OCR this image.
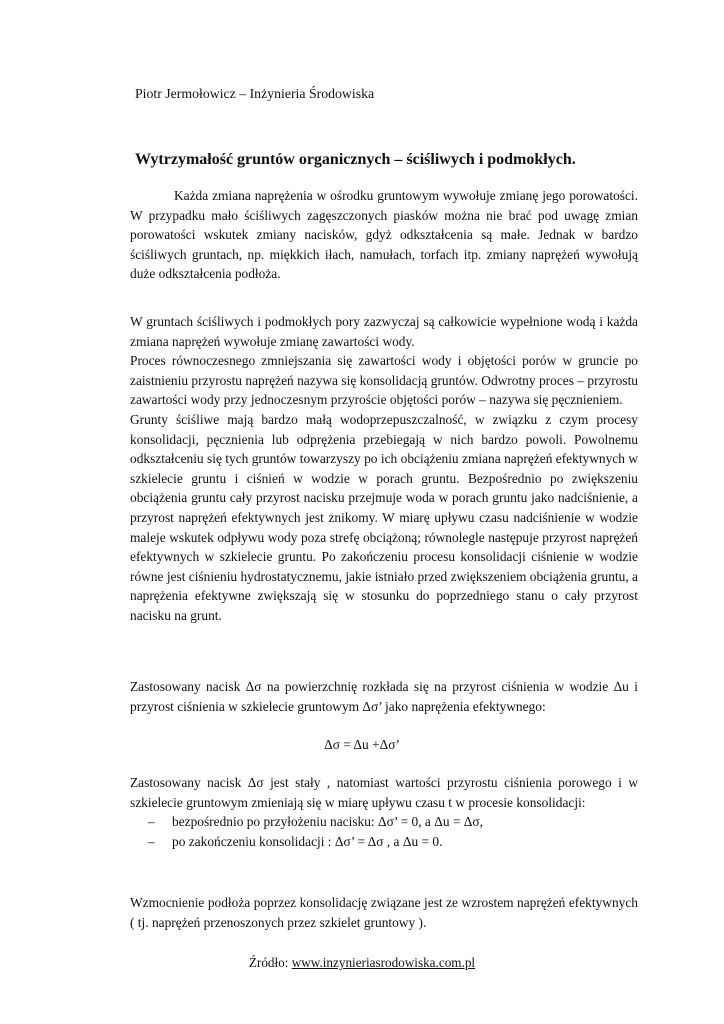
Piotr Jermołowicz – Inżynieria Środowiska
Wytrzymałość gruntów organicznych – ściśliwych i podmokłych.

Każda zmiana naprężenia w ośrodku gruntowym wywołuje zmianę jego porowatości. W przypadku mało ściśliwych zagęszczonych piasków można nie brać pod uwagę zmian porowatości wskutek zmiany nacisków, gdyż odkształcenia są małe. Jednak w bardzo ściśliwych gruntach, np. miękkich iłach, namułach, torfach itp. zmiany naprężeń wywołują duże odkształcenia podłoża.

W gruntach ściśliwych i podmokłych pory zazwyczaj są całkowicie wypełnione wodą i każda zmiana naprężeń wywołuje zmianę zawartości wody.

Proces równoczesnego zmniejszania się zawartości wody i objętości porów w gruncie po zaistnieniu przyrostu naprężeń nazywa się konsolidacją gruntów. Odwrotny proces – przyrostu zawartości wody przy jednoczesnym przyroście objętości porów – nazywa się pęcznieniem.

Grunty ściśliwe mają bardzo małą wodoprzepuszczalność, w związku z czym procesy konsolidacji, pęcznienia lub odprężenia przebiegają w nich bardzo powoli. Powolnemu odkształceniu się tych gruntów towarzyszy po ich obciążeniu zmiana naprężeń efektywnych w szkielecie gruntu i ciśnień w wodzie w porach gruntu. Bezpośrednio po zwiększeniu obciążenia gruntu cały przyrost nacisku przejmuje woda w porach gruntu jako nadciśnienie, a przyrost naprężeń efektywnych jest znikomy. W miarę upływu czasu nadciśnienie w wodzie maleje wskutek odpływu wody poza strefę obciążoną; równolegle następuje przyrost naprężeń efektywnych w szkielecie gruntu. Po zakończeniu procesu konsolidacji ciśnienie w wodzie równe jest ciśnieniu hydrostatycznemu, jakie istniało przed zwiększeniem obciążenia gruntu, a naprężenia efektywne zwiększają się w stosunku do poprzedniego stanu o cały przyrost nacisku na grunt.

Zastosowany nacisk Δσ na powierzchnię rozkłada się na przyrost ciśnienia w wodzie Δu i przyrost ciśnienia w szkielecie gruntowym Δσ’ jako naprężenia efektywnego:

Δσ = Δu +Δσ’

Zastosowany nacisk Δσ jest stały , natomiast wartości przyrostu ciśnienia porowego i w szkielecie gruntowym zmieniają się w miarę upływu czasu t w procesie konsolidacji:

– bezpośrednio po przyłożeniu nacisku: Δσ’ = 0, a Δu = Δσ,
– po zakończeniu konsolidacji : Δσ’ = Δσ , a Δu = 0.

Wzmocnienie podłoża poprzez konsolidację związane jest ze wzrostem naprężeń efektywnych ( tj. naprężeń przenoszonych przez szkielet gruntowy ).

Źródło: www.inzynieriasrodowiska.com.pl
